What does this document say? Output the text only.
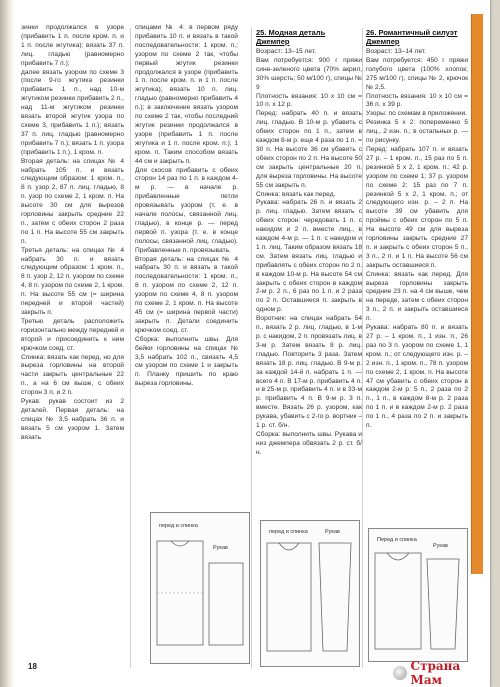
зинки продолжался в узоре (прибавить 1 п. после кром. п. и 1 п. после жгутика); вязать 37 п. лиц. гладью (равномерно прибавить 7 п.);

далее вязать узором по схеме 3 (после 9-го жгутика резинки прибавить 1 п., над 10-м жгутиком резинки прибавить 2 п., над 11-м жгутиком резинки вязать второй жгутик узора по схеме 3, прибавить 1 п.); вязать 37 п. лиц. гладью (равномерно прибавить 7 п.); вязать 1 п. узора (прибавить 1 п.), 1 кром. п.

Вторая деталь: на спицах № 4 набрать 105 п. и вязать следующим образом: 1 кром. п., 8 п. узор 2, 87 п. лиц. гладью, 8 п. узор по схеме 2, 1 кром. п. На высоте 30 см для вырезов горловины закрыть средние 22 п., затем с обеих сторон 2 раза по 1 п. На высоте 55 см закрыть п.

Третья деталь: на спицах № 4 набрать 30 п. и вязать следующим образом: 1 кром. п., 8 п. узор 2, 12 п. узором по схеме 4, 8 п. узором по схеме 2, 1 кром. п. На высоте 55 см (= ширина передней и второй частей) закрыть п.

Третью деталь расположить горизонтально между передней и второй и присоединить к ним крючком соед. ст.

Спинка: вязать как перед, но для выреза горловины на второй части закрыть центральные 22 п., а на 6 см выше, с обеих сторон 3 п. и 2 п.

Рукав: рукав состоит из 2 деталей. Первая деталь: на спицах № 3,5 набрать 36 п. и вязать 5 см узором 1. Затем вязать

спицами № 4: в первом ряду прибавить 10 п. и вязать в такой последовательности: 1 кром. п.; узором по схеме 2 так, чтобы первый жгутик резинки продолжался в узоре (прибавить 1 п. после кром. п. и 1 п. после жгутика); вязать 10 п. лиц. гладью (равномерно прибавить 4 п.); в заключение вязать узором по схеме 2 так, чтобы последний жгутик резинки продолжался в узоре (прибавить 1 п. после жгутика и 1 п. после кром. п.); 1 кром. п. Таким способом вязать 44 см и закрыть п.

Для скосов прибавить с обеих сторон 14 раз по 1 п. в каждом 4-м р. — в начале р. прибавленные петли провязывать узором (т. е. в начале полосы, связанной лиц. гладью), в конце р. — перед первой п. узора (т. е. в конце полосы, связанной лиц. гладью). Прибавленные п. провязывать.

Вторая деталь: на спицах № 4 набрать 30 п. и вязать в такой последовательности: 1 кром. п., 8 п. узором по схеме 2, 12 п. узором по схеме 4, 8 п. узором по схеме 2, 1 кром. п. На высоте 45 см (= ширина первой части) закрыть п. Детали соединить крючком соед. ст.

Сборка: выполнить швы. Для бейки горловины на спицах № 3,5 набрать 102 п., связать 4,5 см узором по схеме 1 и закрыть п. Планку пришить по краю выреза горловины.

перед и спинка
Рукав

25. Модная деталь Джемпер

Возраст: 13–15 лет.

Вам потребуется: 900 г пряжи сине-зеленого цвета (70% акрил, 30% шерсть; 50 м/100 г), спицы № 9

Плотность вязания: 10 х 10 см = 10 п. х 12 р.

Перед: набрать 40 п. и вязать лиц. гладью. В 10-м р. убавить с обеих сторон по 1 п., затем в каждом 8-м р. еще 4 раза по 1 п. = 30 п. На высоте 36 см убавить с обеих сторон по 2 п. На высоте 50 см закрыть центральные 20 п. для выреза горловины. На высоте 55 см закрыть п.

Спинка: вязать как перед.

Рукава: набрать 26 п. и вязать 2 р. лиц. гладью. Затем вязать с обеих сторон: чередовать 1 п. с накидом и 2 п. вместе лиц., в каждом 4-м р. — 1 п. с накидом и 1 п. лиц. Таким образом вязать 18 см. Затем вязать лиц. гладью и прибавлять с обеих сторон по 2 п. в каждом 10-м р. На высоте 54 см закрыть с обеих сторон в каждом 2-м р. 2 п., 6 раз по 1 п. и 2 раза по 2 п. Оставшиеся п. закрыть в одном р.

Воротник: на спицах набрать 54 п., вязать 2 р. лиц. гладью, в 1-м р. с накидом, 2 п. провязать лиц. в 3-м р. Затем вязать 8 р. лиц. гладью. Повторить 3 раза. Затем вязать 18 р. лиц. гладью. В 9-м р. за каждой 14-й п. набрать 1 п. — всего 4 п. В 17-м р. прибавить 4 п. и в 25-м р. прибавить 4 п. и в 33-м р. прибавить 4 п. В 9-м р. 3 п. вместе. Вязать 26 р. узором, как рукава, убавить с 2-го р. вортник – 1 р. ст. б/н.

Сборка: выполнить швы. Рукава и низ джемпера обвязать 2 р. ст. б/н.

перед и спинка	Рукав

26. Романтичный силуэт Джемпер

Возраст: 13–14 лет.

Вам потребуется: 450 г пряжи голубого цвета (100% хлопок; 275 м/100 г), спицы № 2, крючок № 2,5.

Плотность вязания: 10 х 10 см = 36 п. х 39 р.

Узоры: по схемам в приложении.

Резинка 5 х 2: попеременно 5 лиц., 2 изн. п.; в остальных р. — по рисунку.

Перед: набрать 107 п. и вязать 27 р. – 1 кром. п., 15 раз по 5 п. резинкой 5 х 2, 1 кром. п.; 42 р. узором по схеме 1; 37 р. узором по схеме 2; 15 раз по 7 п. резинкой 5 х 2, 1 кром. п.; от следующего изн. р. – 2 п. На высоте 39 см убавить для проймы с обеих сторон по 5 п. На высоте 49 см для выреза горловины закрыть средние 27 п. и закрыть с обеих сторон 5 п., 3 п., 2 п. и 1 п. На высоте 56 см закрыть оставшиеся п.

Спинка: вязать как перед. Для выреза горловины закрыть средние 23 п. на 4 см выше, чем на переде, затем с обеих сторон 3 п., 2 п. и закрыть оставшиеся п.

Рукава: набрать 80 п. и вязать 27 р. – 1 кром. п., 1 изн. п., 26 раз по 3 п. узором по схеме 1, 1 кром. п.; от следующего изн. р. – 2 изн. п., 1 кром. п., 78 п. узором по схеме 2, 1 кром. п. На высоте 47 см убавить с обеих сторон в каждом 2-м р. 5 п., 2 раза по 2 п., 1 п., в каждом 8-м р. 2 раза по 1 п. и в каждом 2-м р. 2 раза по 1 п., 4 раза по 2 п. и закрыть п.

Перед и спинка
Рукав
18	Страна Мам
